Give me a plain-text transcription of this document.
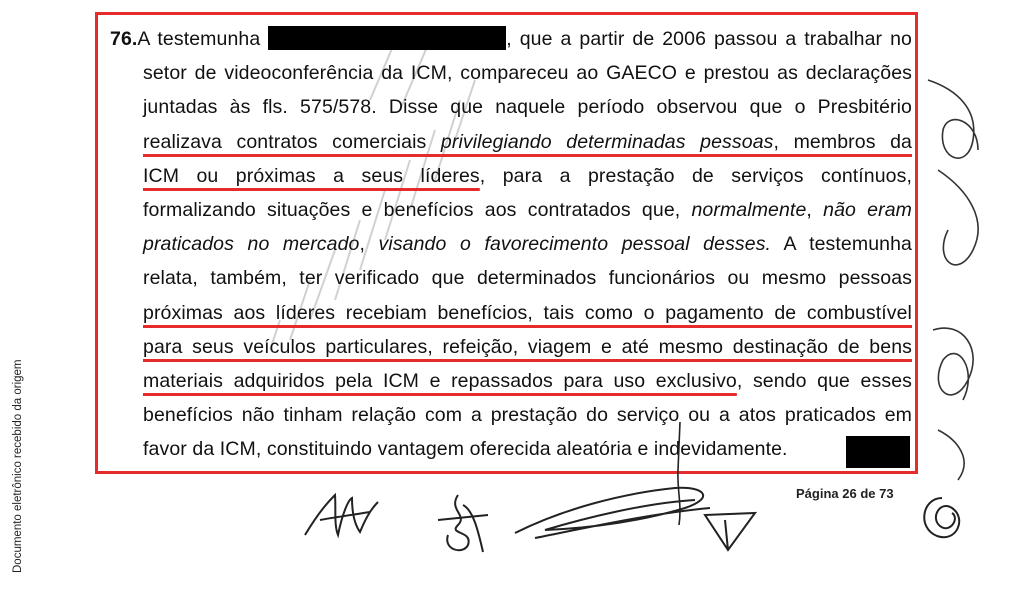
Documento eletrônico recebido da origem
76.A testemunha	, que a partir de 2006 passou a trabalhar no
setor de videoconferência da ICM, compareceu ao GAECO e prestou as declarações
juntadas às fls. 575/578. Disse que naquele período observou que o Presbitério
realizava contratos comerciais privilegiando determinadas pessoas, membros da
ICM ou próximas a seus líderes, para a prestação de serviços contínuos,
formalizando situações e benefícios aos contratados que, normalmente, não eram
praticados no mercado, visando o favorecimento pessoal desses. A testemunha
relata, também, ter verificado que determinados funcionários ou mesmo pessoas
próximas aos líderes recebiam benefícios, tais como o pagamento de combustível
para seus veículos particulares, refeição, viagem e até mesmo destinação de bens
materiais adquiridos pela ICM e repassados para uso exclusivo, sendo que esses
benefícios não tinham relação com a prestação do serviço ou a atos praticados em
favor da ICM, constituindo vantagem oferecida aleatória e indevidamente.
Página 26 de 73
